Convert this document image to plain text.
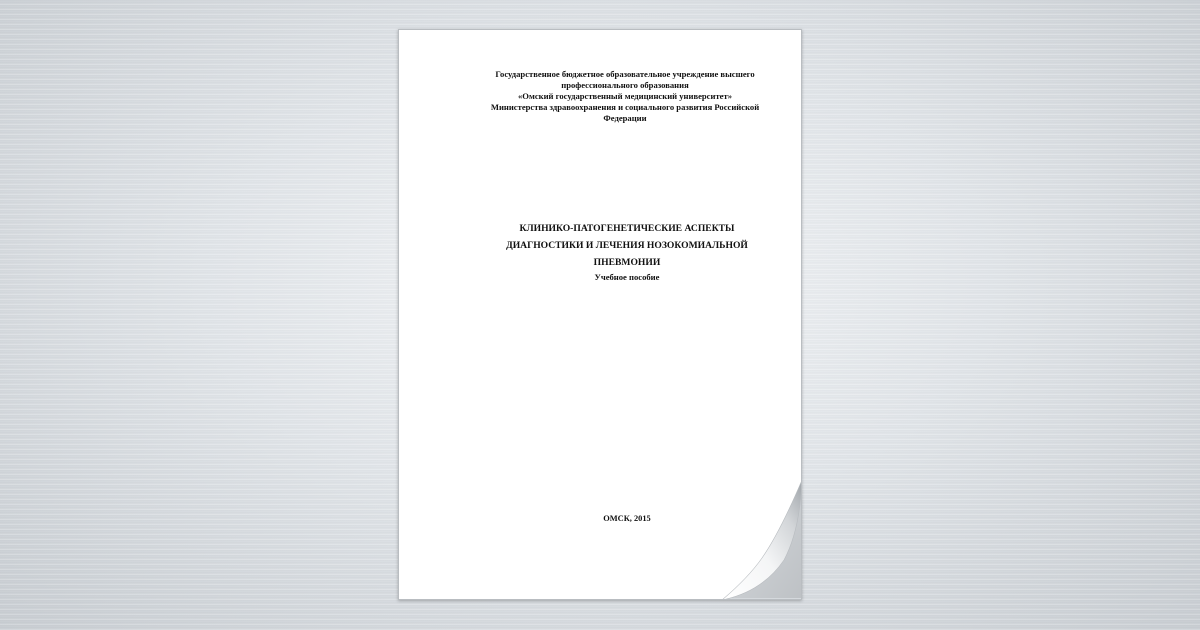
Государственное бюджетное образовательное учреждение высшего
профессионального образования
«Омский государственный медицинский университет»
Министерства здравоохранения и социального развития Российской
Федерации
КЛИНИКО-ПАТОГЕНЕТИЧЕСКИЕ АСПЕКТЫ
ДИАГНОСТИКИ И ЛЕЧЕНИЯ НОЗОКОМИАЛЬНОЙ
ПНЕВМОНИИ
Учебное пособие
ОМСК, 2015
